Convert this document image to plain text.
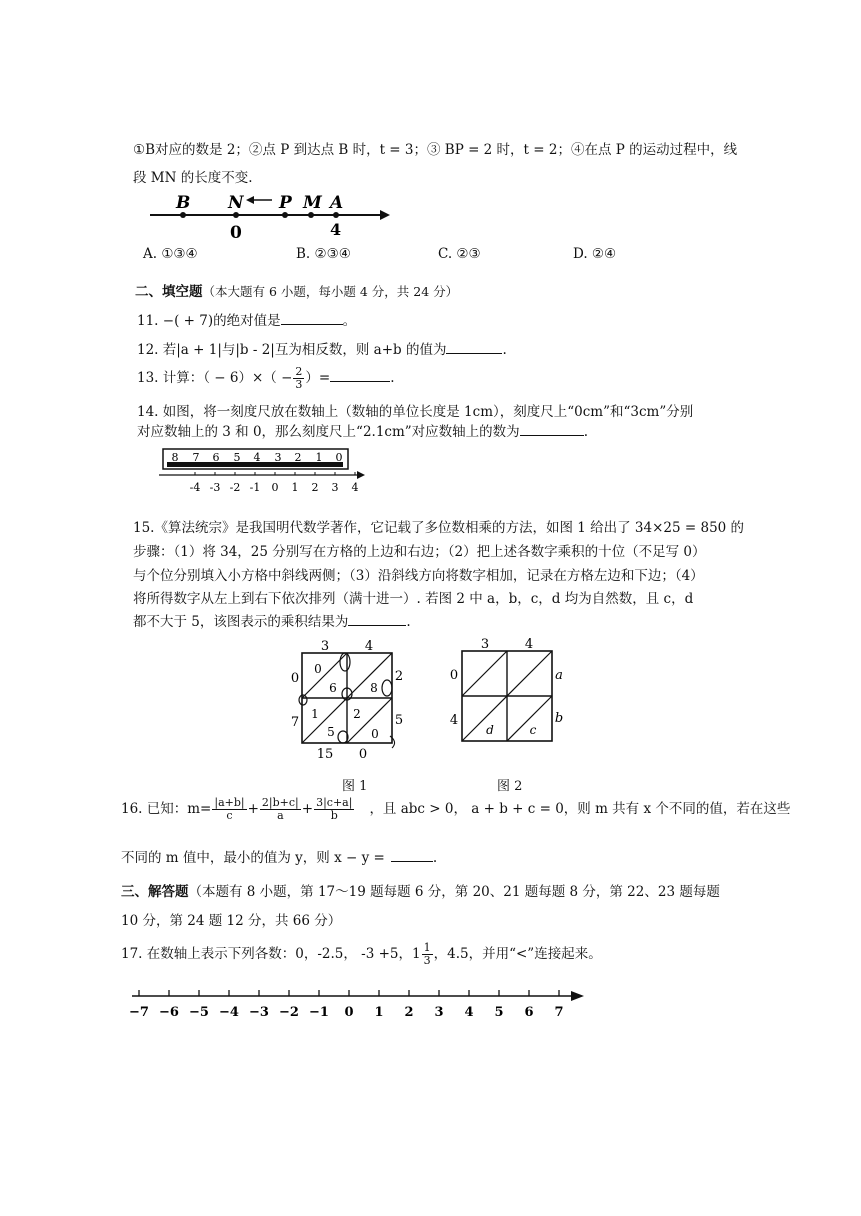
①B对应的数是 2；②点 P 到达点 B 时，t = 3；③ BP = 2 时，t = 2；④在点 P 的运动过程中，线
段 MN 的长度不变.
B N P M A
0	4
A. ①③④	B. ②③④	C. ②③	D. ②④
二、填空题（本大题有 6 小题，每小题 4 分，共 24 分）
11. −( + 7)的绝对值是	。
12. 若|a + 1|与|b - 2|互为相反数，则 a+b 的值为	.
13. 计算：（ − $6)\times( - \frac{2}{3}$ ）=	.
14. 如图，将一刻度尺放在数轴上（数轴的单位长度是 1cm），刻度尺上“0cm”和“3cm”分别
对应数轴上的 3 和 0，那么刻度尺上“2.1cm”对应数轴上的数为	.
8 7 6 5 4 3 2 1 0
-4 -3 -2 -1 0 1 2 3 4
15.《算法统宗》是我国明代数学著作，它记载了多位数相乘的方法，如图 1 给出了 34×25 = 850 的
步骤：（1）将 34，25 分别写在方格的上边和右边；（2）把上述各数字乘积的十位（不足写 0）
与个位分别填入小方格中斜线两侧；（3）沿斜线方向将数字相加，记录在方格左边和下边；（4）
将所得数字从左上到右下依次排列（满十进一）. 若图 2 中 a，b，c，d 均为自然数，且 c，d
都不大于 5，该图表示的乘积结果为	.
3	4
2
5
0
7
15 0
0
6	8
1	2
5	0
图 1
3	4
a
b
0
4
d	c
图 2
16. 已知：$m= \frac{|a+b|}{c} + \frac{2|b+c|}{a} + \frac{3|c+a|}{b}$ ，且 abc > 0， a + b + c = 0，则 m 共有 x 个不同的值，若在这些
不同的 m 值中，最小的值为 y，则 x − y =	.
三、解答题（本题有 8 小题，第 17～19 题每题 6 分，第 20、21 题每题 8 分，第 22、23 题每题
10 分，第 24 题 12 分，共 66 分）
17. 在数轴上表示下列各数：0，-2.5， -3 +5，$1 \frac{1}{3}$ ，4.5，并用“<”连接起来。
−7 −6 −5 −4 −3 −2 −1 0 1 2 3 4 5 6 7
